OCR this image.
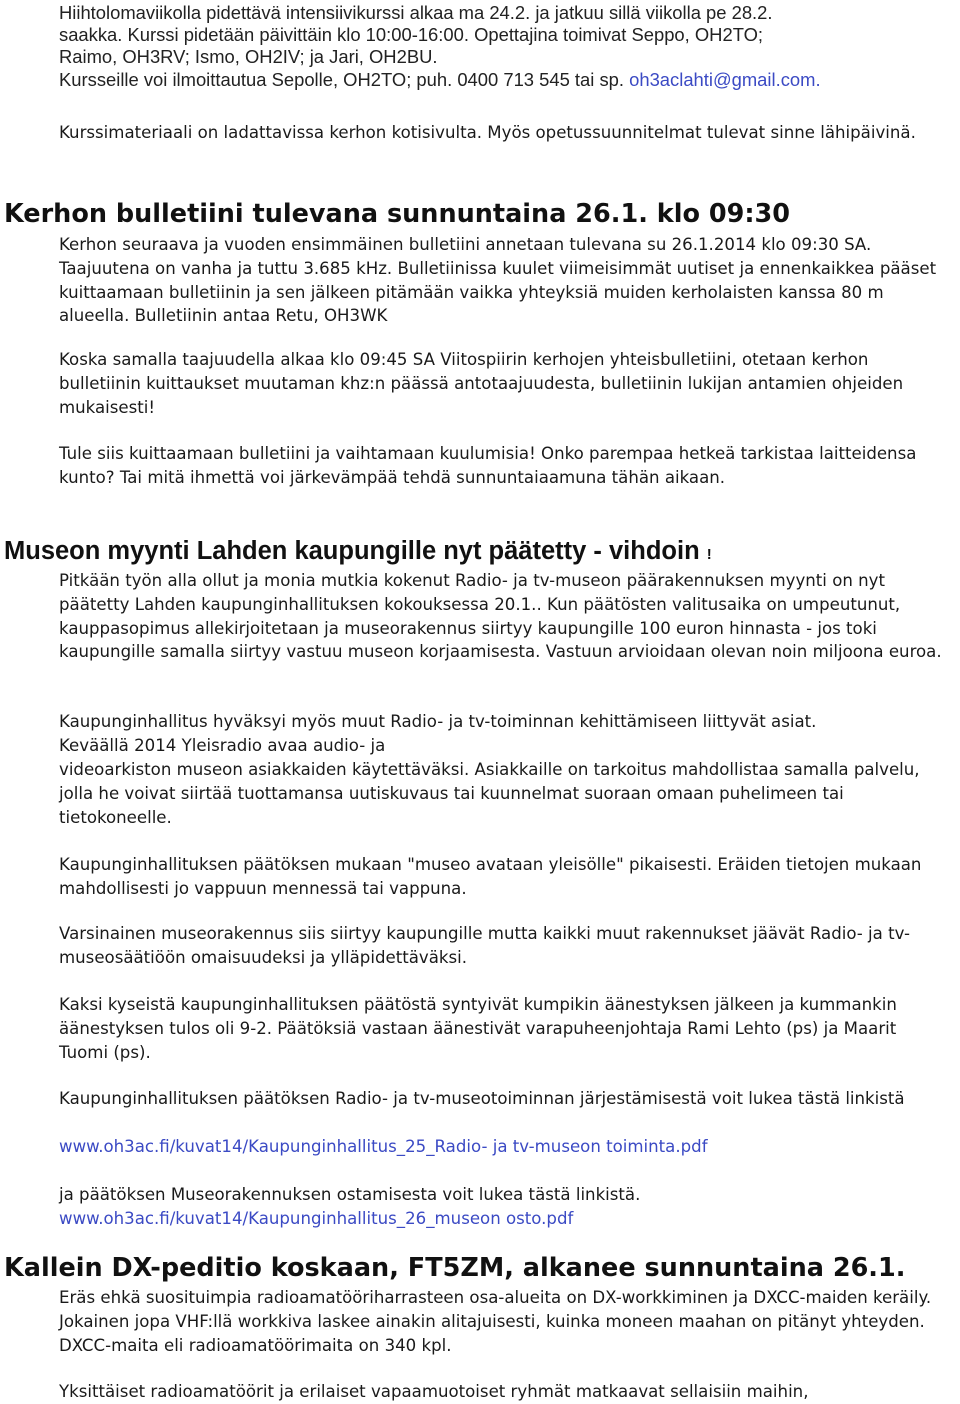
Hiihtolomaviikolla pidettävä intensiivikurssi alkaa ma 24.2. ja jatkuu sillä viikolla pe 28.2.

saakka. Kurssi pidetään päivittäin klo 10:00-16:00. Opettajina toimivat Seppo, OH2TO;

Raimo, OH3RV; Ismo, OH2IV; ja Jari, OH2BU.

Kursseille voi ilmoittautua Sepolle, OH2TO; puh. 0400 713 545 tai sp. oh3aclahti@gmail.com.

Kurssimateriaali on ladattavissa kerhon kotisivulta. Myös opetussuunnitelmat tulevat sinne lähipäivinä.

Kerhon bulletiini tulevana sunnuntaina 26.1. klo 09:30

Kerhon seuraava ja vuoden ensimmäinen bulletiini annetaan tulevana su 26.1.2014 klo 09:30 SA. Taajuutena on vanha ja tuttu 3.685 kHz. Bulletiinissa kuulet viimeisimmät uutiset ja ennenkaikkea pääset kuittaamaan bulletiinin ja sen jälkeen pitämään vaikka yhteyksiä muiden kerholaisten kanssa 80 m alueella. Bulletiinin antaa Retu, OH3WK

Koska samalla taajuudella alkaa klo 09:45 SA Viitospiirin kerhojen yhteisbulletiini, otetaan kerhon bulletiinin kuittaukset muutaman khz:n päässä antotaajuudesta, bulletiinin lukijan antamien ohjeiden mukaisesti!

Tule siis kuittaamaan bulletiini ja vaihtamaan kuulumisia! Onko parempaa hetkeä tarkistaa laitteidensa kunto? Tai mitä ihmettä voi järkevämpää tehdä sunnuntaiaamuna tähän aikaan.

Museon myynti Lahden kaupungille nyt päätetty - vihdoin !

Pitkään työn alla ollut ja monia mutkia kokenut Radio- ja tv-museon päärakennuksen myynti on nyt päätetty Lahden kaupunginhallituksen kokouksessa 20.1.. Kun päätösten valitusaika on umpeutunut, kauppasopimus allekirjoitetaan ja museorakennus siirtyy kaupungille 100 euron hinnasta - jos toki kaupungille samalla siirtyy vastuu museon korjaamisesta. Vastuun arvioidaan olevan noin miljoona euroa.

Kaupunginhallitus hyväksyi myös muut Radio- ja tv-toiminnan kehittämiseen liittyvät asiat.

Keväällä 2014 Yleisradio avaa audio- ja

videoarkiston museon asiakkaiden käytettäväksi. Asiakkaille on tarkoitus mahdollistaa samalla palvelu, jolla he voivat siirtää tuottamansa uutiskuvaus tai kuunnelmat suoraan omaan puhelimeen tai tietokoneelle.

Kaupunginhallituksen päätöksen mukaan "museo avataan yleisölle" pikaisesti. Eräiden tietojen mukaan mahdollisesti jo vappuun mennessä tai vappuna.

Varsinainen museorakennus siis siirtyy kaupungille mutta kaikki muut rakennukset jäävät Radio- ja tv-museosäätiöön omaisuudeksi ja ylläpidettäväksi.

Kaksi kyseistä kaupunginhallituksen päätöstä syntyivät kumpikin äänestyksen jälkeen ja kummankin äänestyksen tulos oli 9-2. Päätöksiä vastaan äänestivät varapuheenjohtaja Rami Lehto (ps) ja Maarit Tuomi (ps).

Kaupunginhallituksen päätöksen Radio- ja tv-museotoiminnan järjestämisestä voit lukea tästä linkistä

www.oh3ac.fi/kuvat14/Kaupunginhallitus_25_Radio- ja tv-museon toiminta.pdf

ja päätöksen Museorakennuksen ostamisesta voit lukea tästä linkistä.

www.oh3ac.fi/kuvat14/Kaupunginhallitus_26_museon osto.pdf

Kallein DX-peditio koskaan, FT5ZM, alkanee sunnuntaina 26.1.

Eräs ehkä suosituimpia radioamatööriharrasteen osa-alueita on DX-workkiminen ja DXCC-maiden keräily. Jokainen jopa VHF:llä workkiva laskee ainakin alitajuisesti, kuinka moneen maahan on pitänyt yhteyden. DXCC-maita eli radioamatöörimaita on 340 kpl.

Yksittäiset radioamatöörit ja erilaiset vapaamuotoiset ryhmät matkaavat sellaisiin maihin,
